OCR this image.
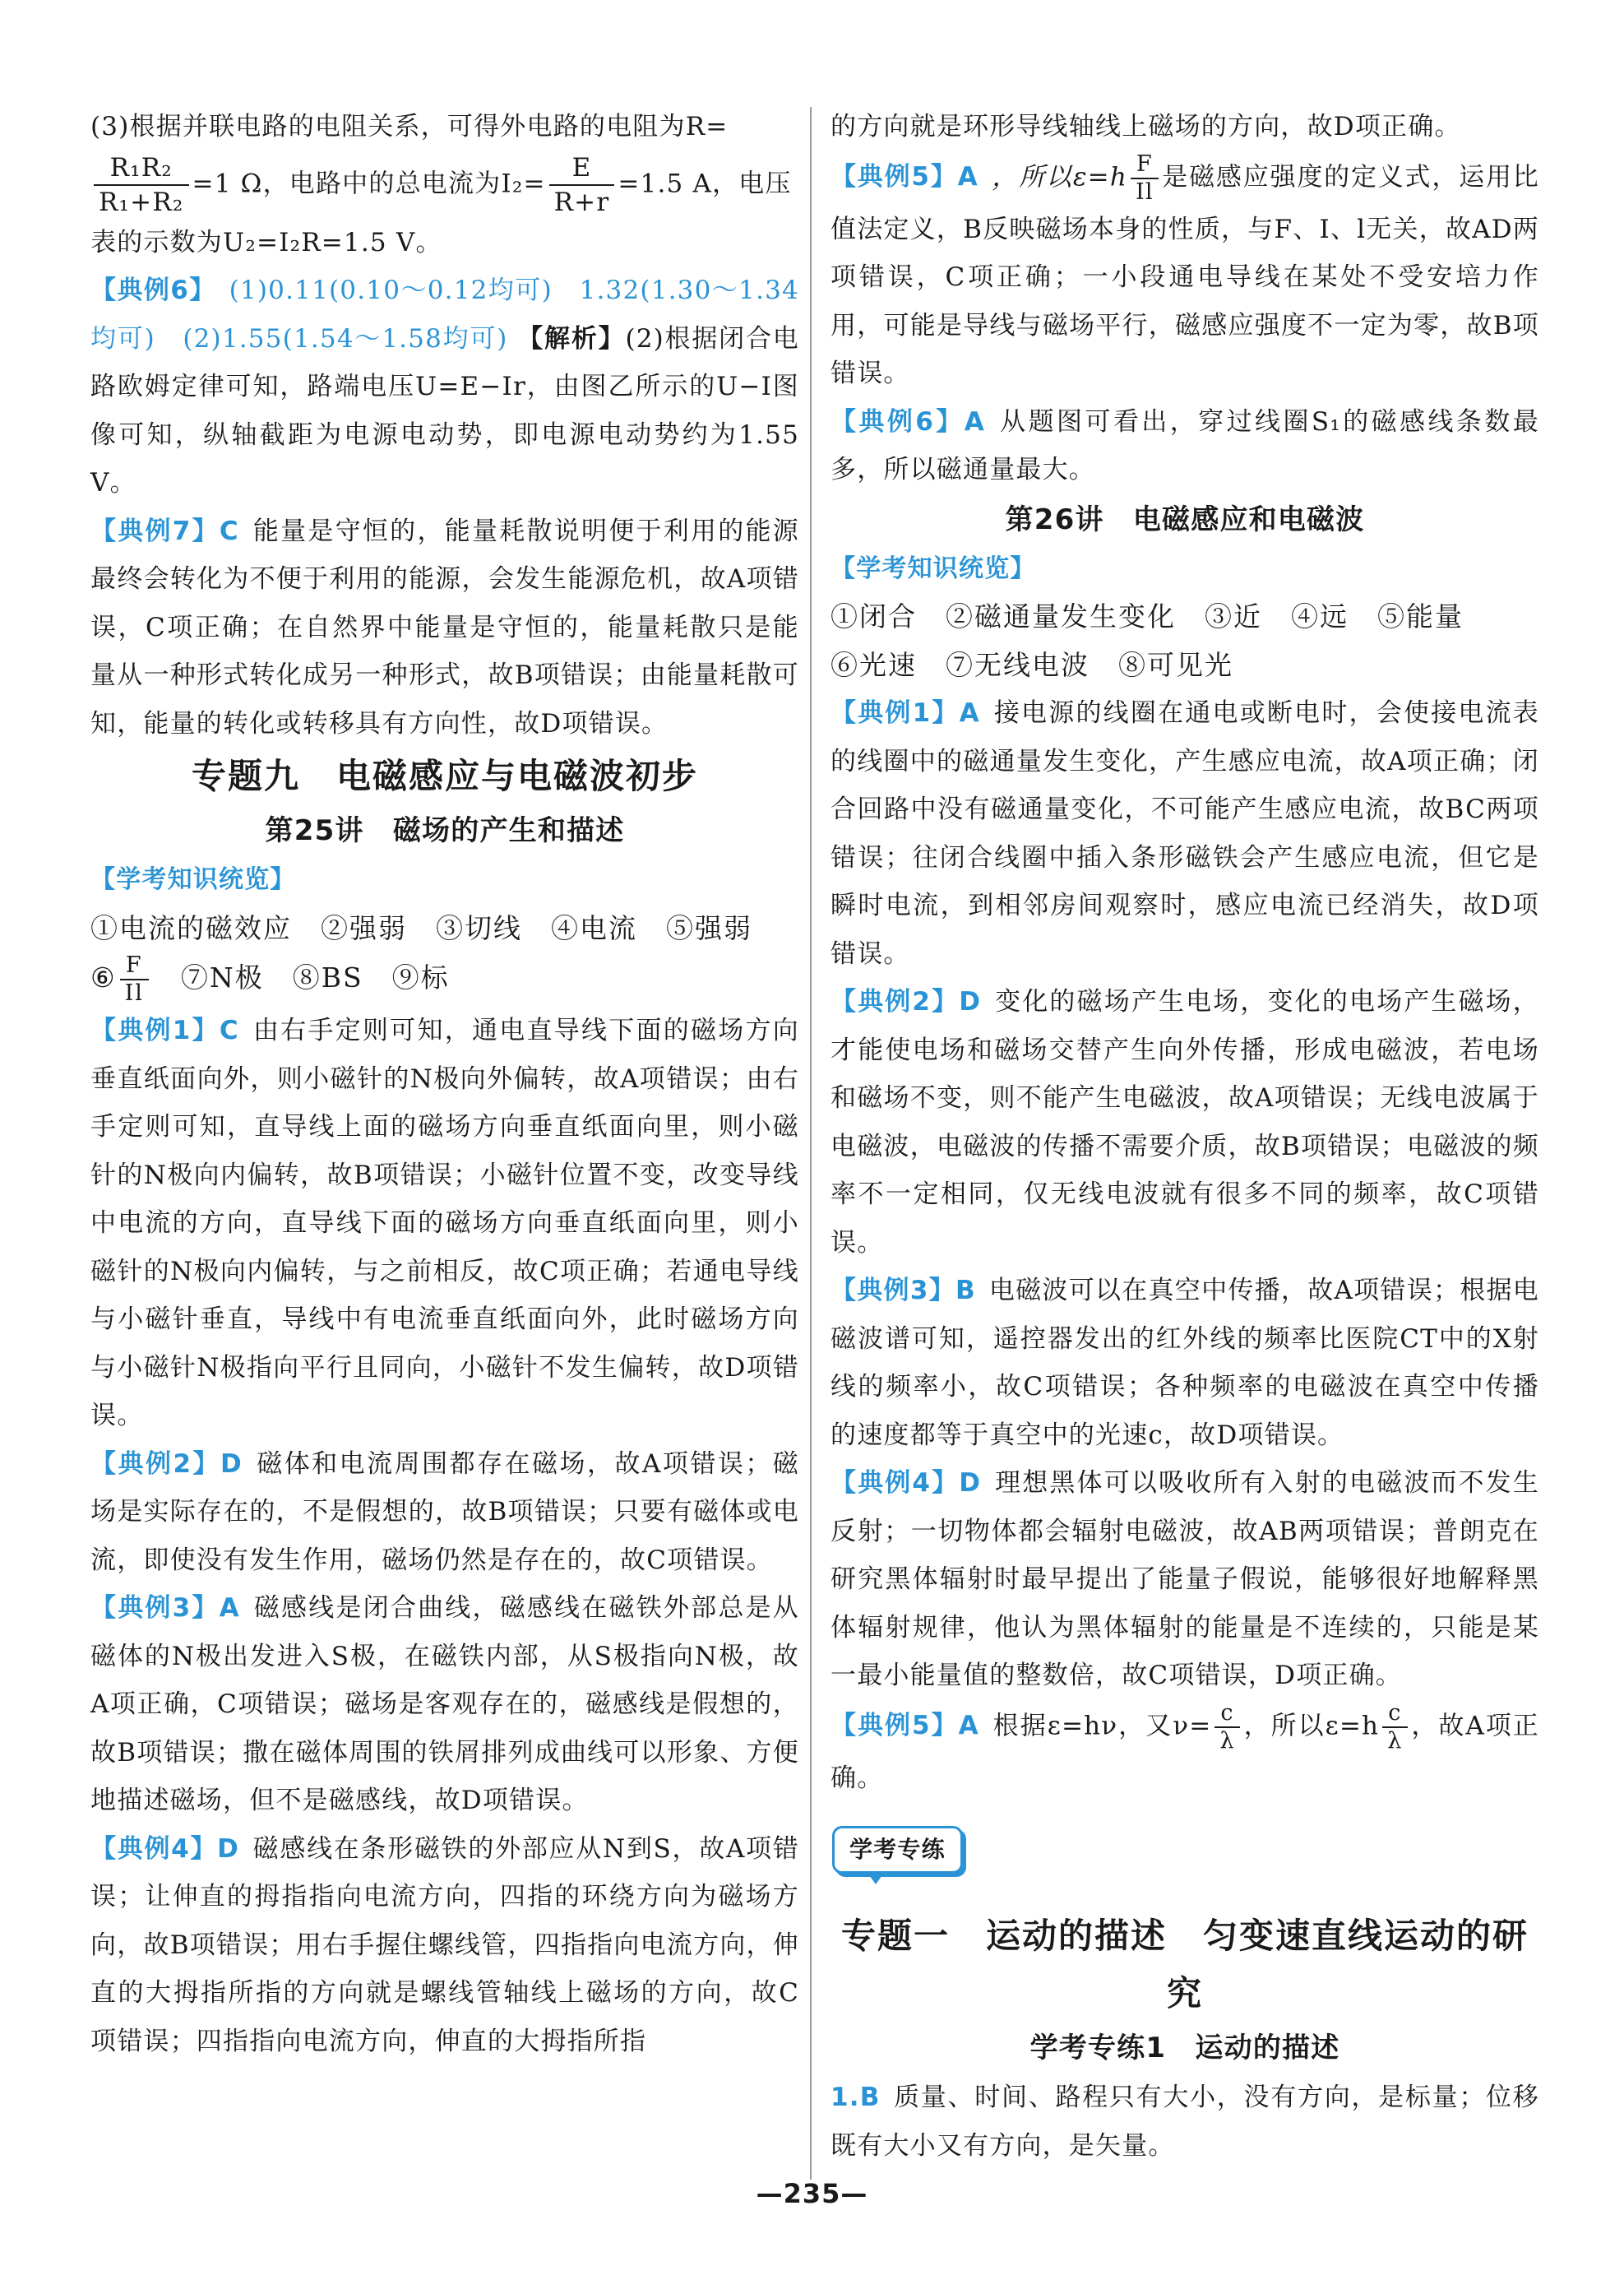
(3)根据并联电路的电阻关系，可得外电路的电阻为R=

$\frac{\text{R₁R₂}}{\text{R₁+R₂}} =1$ Ω，电路中的总电流为$I_2= \frac{E}{R+r} =1.5$ A，电压
表的示数为U₂=I₂R=1.5 V。

【典例6】 (1)0.11(0.10～0.12均可)　1.32(1.30～1.34均可)　(2)1.55(1.54～1.58均可) 【解析】(2)根据闭合电路欧姆定律可知，路端电压U=E−Ir，由图乙所示的U−I图像可知，纵轴截距为电源电动势，即电源电动势约为1.55 V。

【典例7】C 能量是守恒的，能量耗散说明便于利用的能源最终会转化为不便于利用的能源，会发生能源危机，故A项错误，C项正确；在自然界中能量是守恒的，能量耗散只是能量从一种形式转化成另一种形式，故B项错误；由能量耗散可知，能量的转化或转移具有方向性，故D项错误。

专题九　电磁感应与电磁波初步
第25讲　磁场的产生和描述
【学考知识统览】

①电流的磁效应　②强弱　③切线　④电流　⑤强弱

⑥ $\frac{F}{Il}$ 　⑦N极　⑧BS　⑨标

【典例1】C 由右手定则可知，通电直导线下面的磁场方向垂直纸面向外，则小磁针的N极向外偏转，故A项错误；由右手定则可知，直导线上面的磁场方向垂直纸面向里，则小磁针的N极向内偏转，故B项错误；小磁针位置不变，改变导线中电流的方向，直导线下面的磁场方向垂直纸面向里，则小磁针的N极向内偏转，与之前相反，故C项正确；若通电导线与小磁针垂直，导线中有电流垂直纸面向外，此时磁场方向与小磁针N极指向平行且同向，小磁针不发生偏转，故D项错误。

【典例2】D 磁体和电流周围都存在磁场，故A项错误；磁场是实际存在的，不是假想的，故B项错误；只要有磁体或电流，即使没有发生作用，磁场仍然是存在的，故C项错误。

【典例3】A 磁感线是闭合曲线，磁感线在磁铁外部总是从磁体的N极出发进入S极，在磁铁内部，从S极指向N极，故A项正确，C项错误；磁场是客观存在的，磁感线是假想的，故B项错误；撒在磁体周围的铁屑排列成曲线可以形象、方便地描述磁场，但不是磁感线，故D项错误。

【典例4】D 磁感线在条形磁铁的外部应从N到S，故A项错误；让伸直的拇指指向电流方向，四指的环绕方向为磁场方向，故B项错误；用右手握住螺线管，四指指向电流方向，伸直的大拇指所指的方向就是螺线管轴线上磁场的方向，故C项错误；四指指向电流方向，伸直的大拇指所指

的方向就是环形导线轴线上磁场的方向，故D项正确。

【典例5】A ，所以$\varepsilon=h \frac{F}{Il}$ 是磁感应强度的定义式，运用比值法定义，B反映磁场本身的性质，与F、I、l无关，故AD两项错误，C项正确；一小段通电导线在某处不受安培力作用，可能是导线与磁场平行，磁感应强度不一定为零，故B项错误。

【典例6】A 从题图可看出，穿过线圈S₁的磁感线条数最多，所以磁通量最大。

第26讲　电磁感应和电磁波
【学考知识统览】

①闭合　②磁通量发生变化　③近　④远　⑤能量

⑥光速　⑦无线电波　⑧可见光

【典例1】A 接电源的线圈在通电或断电时，会使接电流表的线圈中的磁通量发生变化，产生感应电流，故A项正确；闭合回路中没有磁通量变化，不可能产生感应电流，故BC两项错误；往闭合线圈中插入条形磁铁会产生感应电流，但它是瞬时电流，到相邻房间观察时，感应电流已经消失，故D项错误。

【典例2】D 变化的磁场产生电场，变化的电场产生磁场，才能使电场和磁场交替产生向外传播，形成电磁波，若电场和磁场不变，则不能产生电磁波，故A项错误；无线电波属于电磁波，电磁波的传播不需要介质，故B项错误；电磁波的频率不一定相同，仅无线电波就有很多不同的频率，故C项错误。

【典例3】B 电磁波可以在真空中传播，故A项错误；根据电磁波谱可知，遥控器发出的红外线的频率比医院CT中的X射线的频率小，故C项错误；各种频率的电磁波在真空中传播的速度都等于真空中的光速c，故D项错误。

【典例4】D 理想黑体可以吸收所有入射的电磁波而不发生反射；一切物体都会辐射电磁波，故AB两项错误；普朗克在研究黑体辐射时最早提出了能量子假说，能够很好地解释黑体辐射规律，他认为黑体辐射的能量是不连续的，只能是某一最小能量值的整数倍，故C项错误，D项正确。

【典例5】A 根据ε=hν，又$\nu= \frac{c}{\lambda}$ ，所以$\varepsilon=h \frac{c}{\lambda}$ ，故A项正确。

学考专练
专题一　运动的描述　匀变速直线运动的研究
学考专练1　运动的描述

1.B 质量、时间、路程只有大小，没有方向，是标量；位移既有大小又有方向，是矢量。

—235—
